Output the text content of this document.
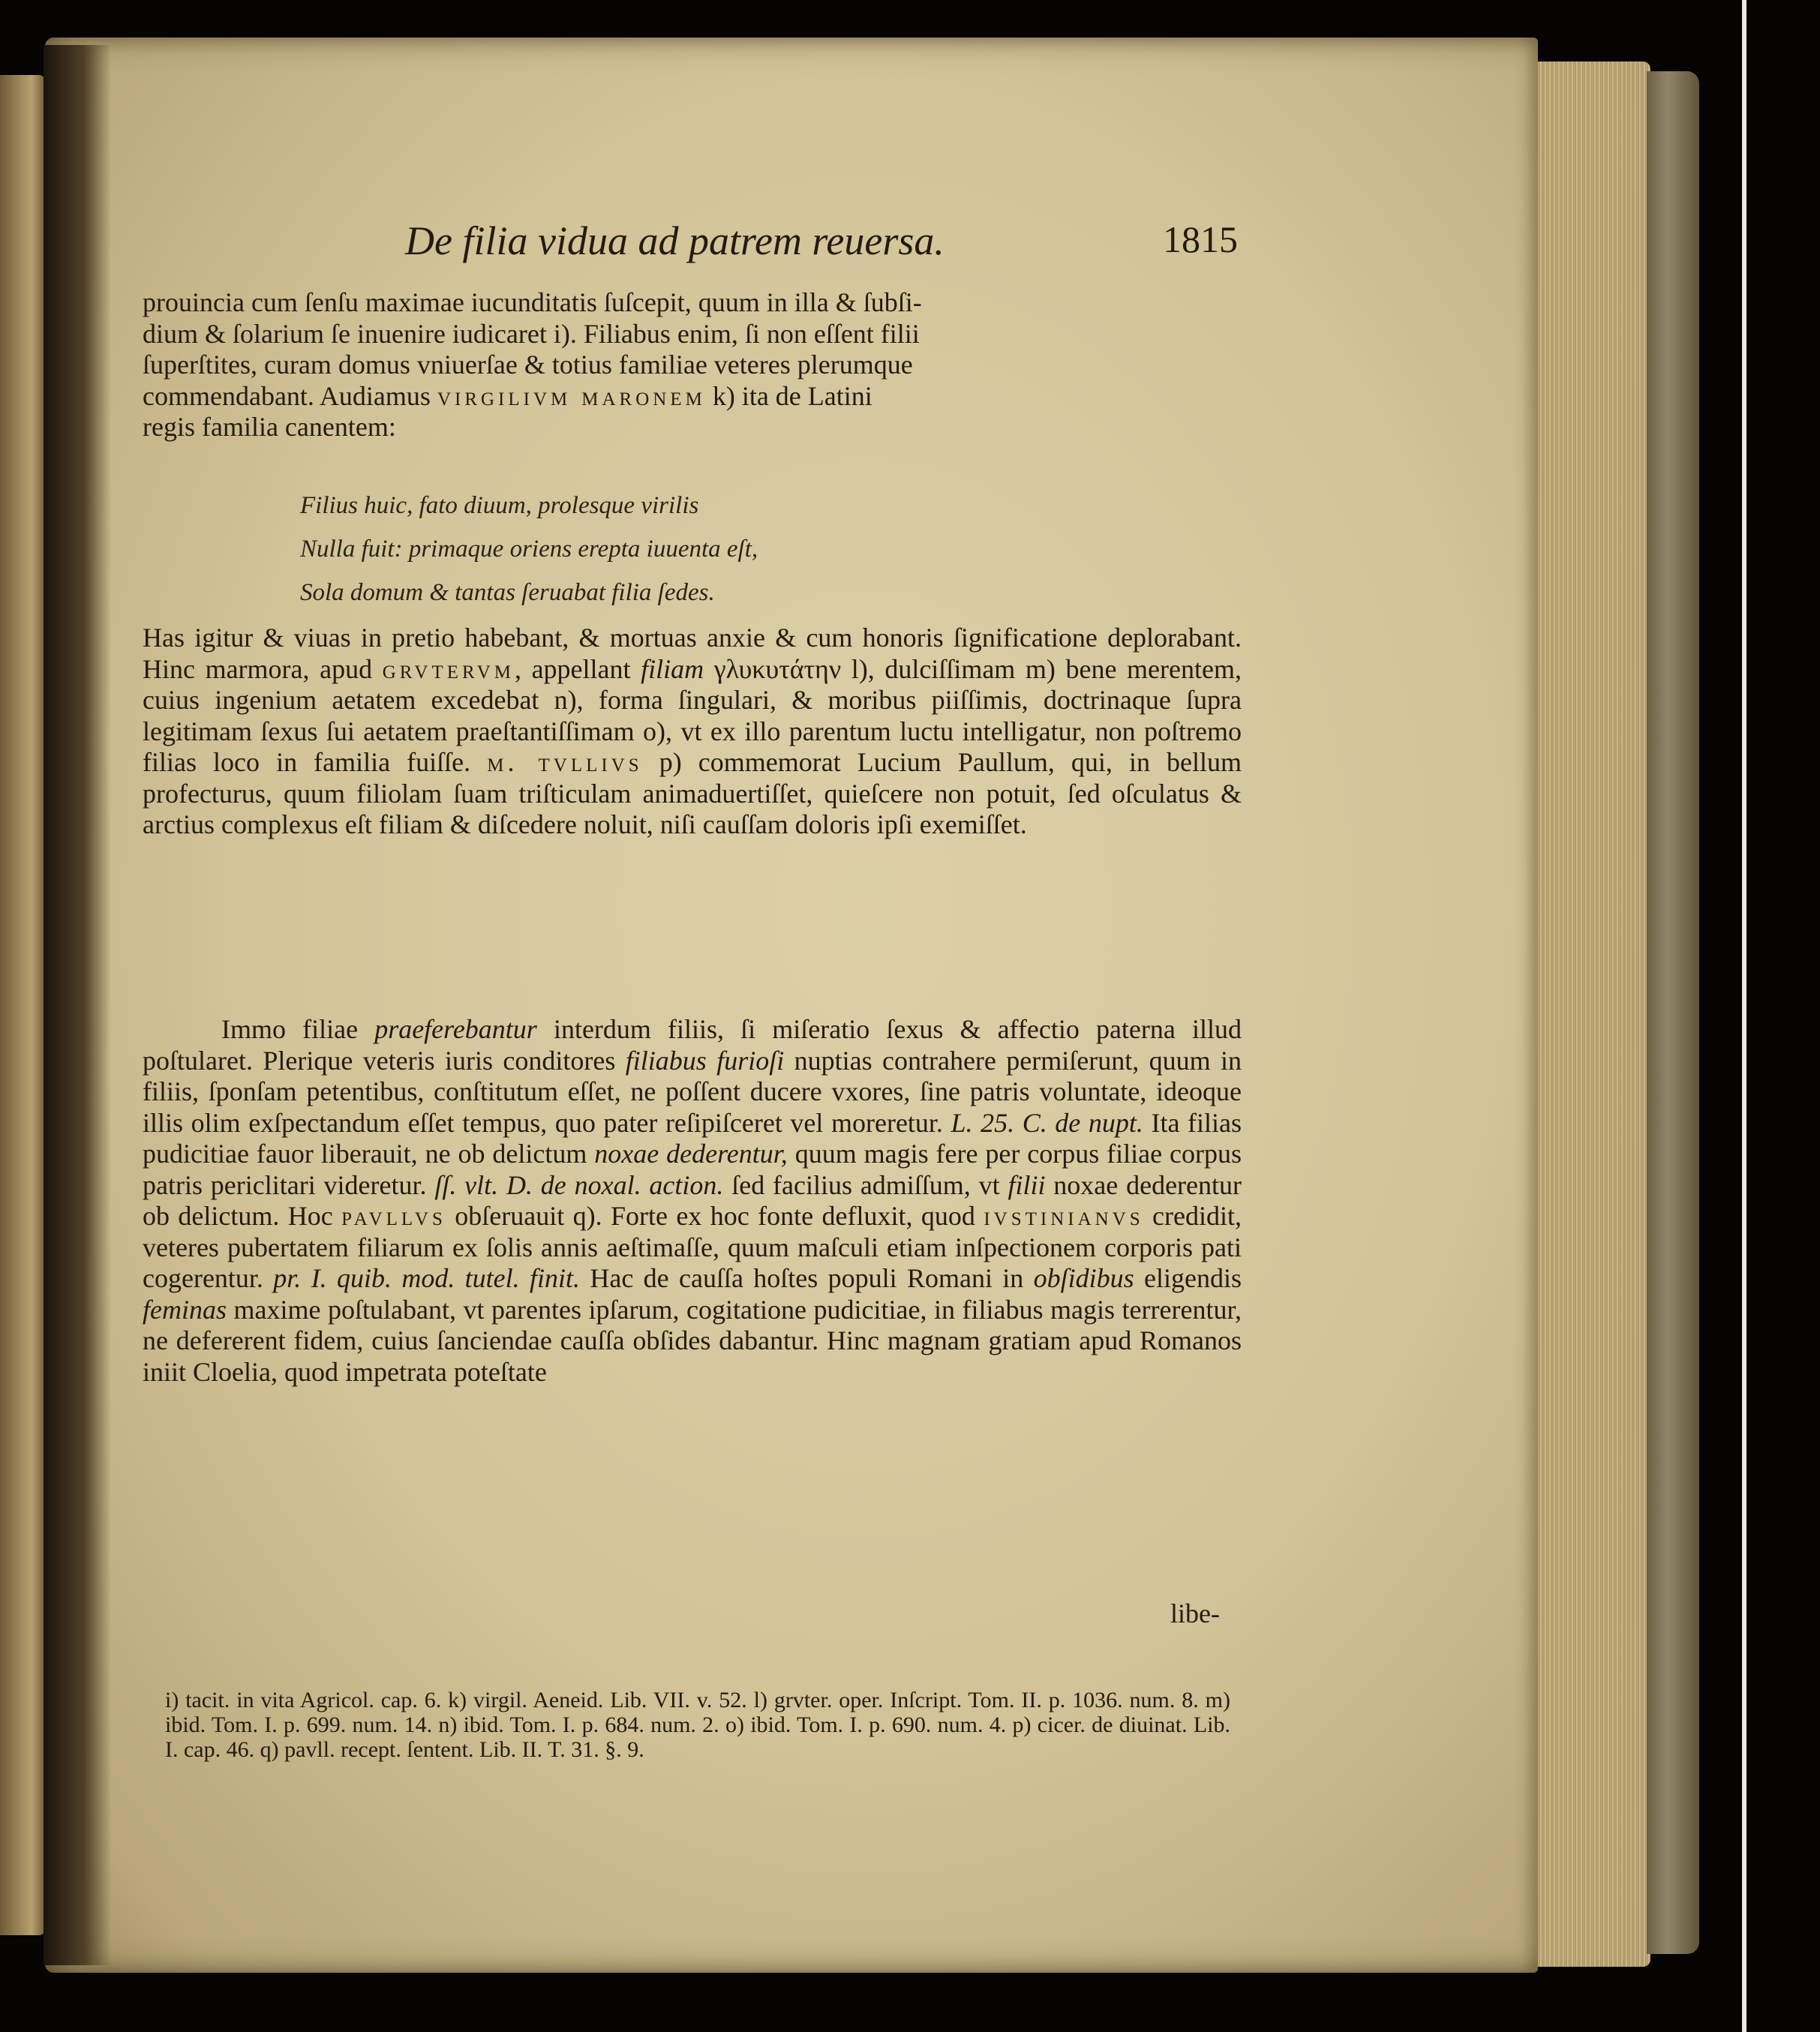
De filia vidua ad patrem reuersa.	1815
prouincia cum ſenſu maximae iucunditatis ſuſcepit, quum in illa & ſubſi-
dium & ſolarium ſe inuenire iudicaret i). Filiabus enim, ſi non eſſent filii
ſuperſtites, curam domus vniuerſae & totius familiae veteres plerumque
commendabant. Audiamus virgilivm maronem k) ita de Latini
regis familia canentem:
Filius huic, fato diuum, prolesque virilis
Nulla fuit: primaque oriens erepta iuuenta eſt,
Sola domum & tantas ſeruabat filia ſedes.
Has igitur & viuas in pretio habebant, & mortuas anxie & cum honoris ſignificatione deplorabant. Hinc marmora, apud grvtervm, appellant filiam γλυκυτάτην l), dulciſſimam m) bene merentem, cuius ingenium aetatem excedebat n), forma ſingulari, & moribus piiſſimis, doctrinaque ſupra legitimam ſexus ſui aetatem praeſtantiſſimam o), vt ex illo parentum luctu intelligatur, non poſtremo filias loco in familia fuiſſe. m. tvllivs p) commemorat Lucium Paullum, qui, in bellum profecturus, quum filiolam ſuam triſticulam animaduertiſſet, quieſcere non potuit, ſed oſculatus & arctius complexus eſt filiam & diſcedere noluit, niſi cauſſam doloris ipſi exemiſſet.
Immo filiae praeferebantur interdum filiis, ſi miſeratio ſexus & affectio paterna illud poſtularet. Plerique veteris iuris conditores filiabus furioſi nuptias contrahere permiſerunt, quum in filiis, ſponſam petentibus, conſtitutum eſſet, ne poſſent ducere vxores, ſine patris voluntate, ideoque illis olim exſpectandum eſſet tempus, quo pater reſipiſceret vel moreretur. L. 25. C. de nupt. Ita filias pudicitiae fauor liberauit, ne ob delictum noxae dederentur, quum magis fere per corpus filiae corpus patris periclitari videretur. ſſ. vlt. D. de noxal. action. ſed facilius admiſſum, vt filii noxae dederentur ob delictum. Hoc pavllvs obſeruauit q). Forte ex hoc fonte defluxit, quod ivstinianvs credidit, veteres pubertatem filiarum ex ſolis annis aeſtimaſſe, quum maſculi etiam inſpectionem corporis pati cogerentur. pr. I. quib. mod. tutel. finit. Hac de cauſſa hoſtes populi Romani in obſidibus eligendis feminas maxime poſtulabant, vt parentes ipſarum, cogitatione pudicitiae, in filiabus magis terrerentur, ne defererent fidem, cuius ſanciendae cauſſa obſides dabantur. Hinc magnam gratiam apud Romanos iniit Cloelia, quod impetrata poteſtate
libe-
i) tacit. in vita Agricol. cap. 6. k) virgil. Aeneid. Lib. VII. v. 52. l) grvter. oper. Inſcript. Tom. II. p. 1036. num. 8. m) ibid. Tom. I. p. 699. num. 14. n) ibid. Tom. I. p. 684. num. 2. o) ibid. Tom. I. p. 690. num. 4. p) cicer. de diuinat. Lib. I. cap. 46. q) pavll. recept. ſentent. Lib. II. T. 31. §. 9.
